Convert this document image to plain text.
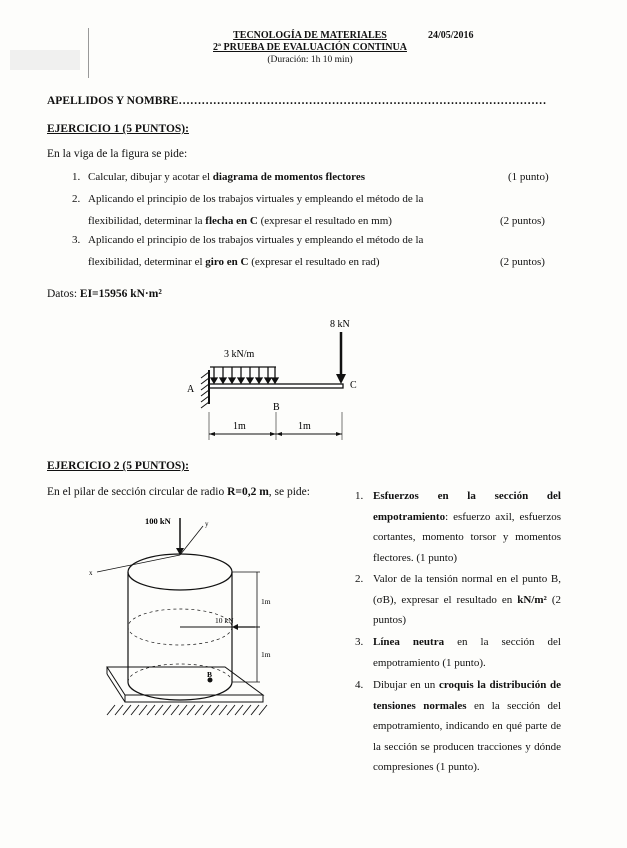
TECNOLOGÍA DE MATERIALES
2ª PRUEBA DE EVALUACIÓN CONTINUA
(Duración: 1h 10 min)
24/05/2016
APELLIDOS Y NOMBRE……………………………………………………………………………………
EJERCICIO 1 (5 PUNTOS):
En la viga de la figura se pide:
1. Calcular, dibujar y acotar el diagrama de momentos flectores	(1 punto)
2. Aplicando el principio de los trabajos virtuales y empleando el método de la
flexibilidad, determinar la flecha en C (expresar el resultado en mm)	(2 puntos)
3. Aplicando el principio de los trabajos virtuales y empleando el método de la
flexibilidad, determinar el giro en C (expresar el resultado en rad)	(2 puntos)
Datos: EI=15956 kN·m²
8 kN
3 kN/m
A
B
C
1m	1m
EJERCICIO 2 (5 PUNTOS):
En el pilar de sección circular de radio R=0,2 m, se pide:
100 kN	y
x
1m
1m
10 kN
B
1. Esfuerzos en la sección del empotramiento: esfuerzo axil, esfuerzos cortantes, momento torsor y momentos flectores. (1 punto)
2. Valor de la tensión normal en el punto B, (σB), expresar el resultado en kN/m² (2 puntos)
3. Línea neutra en la sección del empotramiento (1 punto).
4. Dibujar en un croquis la distribución de tensiones normales en la sección del empotramiento, indicando en qué parte de la sección se producen tracciones y dónde compresiones (1 punto).
